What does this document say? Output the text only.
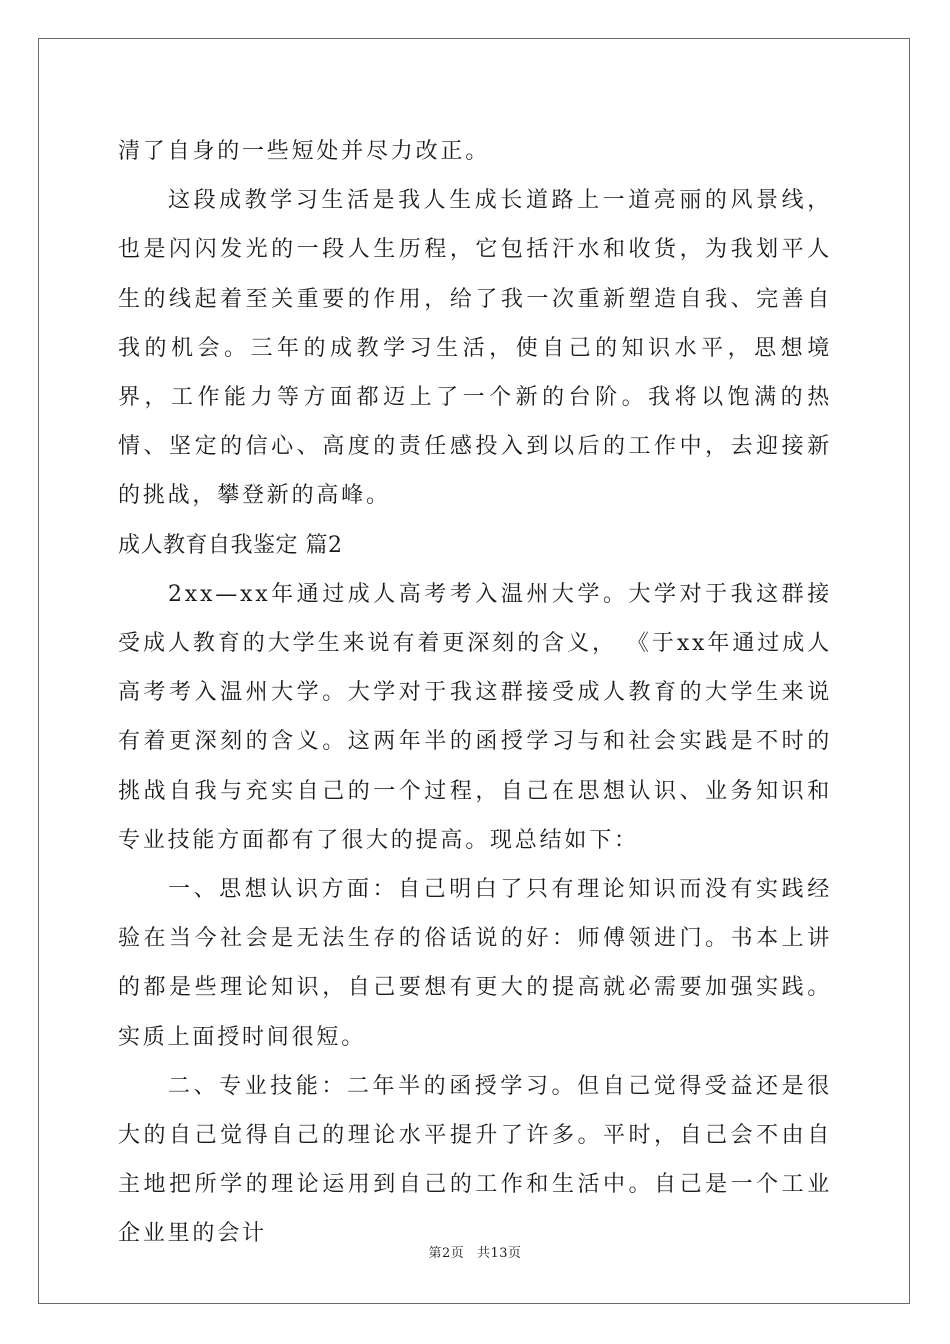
清了自身的一些短处并尽力改正。

这段成教学习生活是我人生成长道路上一道亮丽的风景线，也是闪闪发光的一段人生历程，它包括汗水和收货，为我划平人生的线起着至关重要的作用，给了我一次重新塑造自我、完善自我的机会。三年的成教学习生活，使自己的知识水平，思想境界，工作能力等方面都迈上了一个新的台阶。我将以饱满的热情、坚定的信心、高度的责任感投入到以后的工作中，去迎接新的挑战，攀登新的高峰。

成人教育自我鉴定 篇2

2xx—xx年通过成人高考考入温州大学。大学对于我这群接受成人教育的大学生来说有着更深刻的含义， 《于xx年通过成人高考考入温州大学。大学对于我这群接受成人教育的大学生来说有着更深刻的含义。这两年半的函授学习与和社会实践是不时的挑战自我与充实自己的一个过程，自己在思想认识、业务知识和专业技能方面都有了很大的提高。现总结如下：

一、思想认识方面：自己明白了只有理论知识而没有实践经验在当今社会是无法生存的俗话说的好：师傅领进门。书本上讲的都是些理论知识，自己要想有更大的提高就必需要加强实践。实质上面授时间很短。

二、专业技能：二年半的函授学习。但自己觉得受益还是很大的自己觉得自己的理论水平提升了许多。平时，自己会不由自主地把所学的理论运用到自己的工作和生活中。自己是一个工业企业里的会计

第2页 共13页
